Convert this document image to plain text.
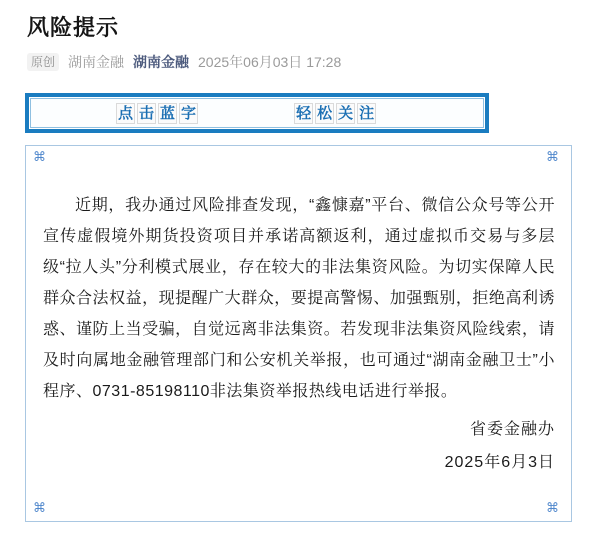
风险提示
原创 湖南金融 湖南金融 2025年06月03日 17:28
点 击 蓝 字	轻 松 关 注
⌘	⌘
⌘	⌘
近期，我办通过风险排查发现，“鑫慷嘉”平台、微信公众号等公开宣传虚假境外期货投资项目并承诺高额返利，通过虚拟币交易与多层级“拉人头”分利模式展业，存在较大的非法集资风险。为切实保障人民群众合法权益，现提醒广大群众，要提高警惕、加强甄别，拒绝高利诱惑、谨防上当受骗，自觉远离非法集资。若发现非法集资风险线索，请及时向属地金融管理部门和公安机关举报，也可通过“湖南金融卫士”小程序、0731-85198110非法集资举报热线电话进行举报。
省委金融办
2025年6月3日
